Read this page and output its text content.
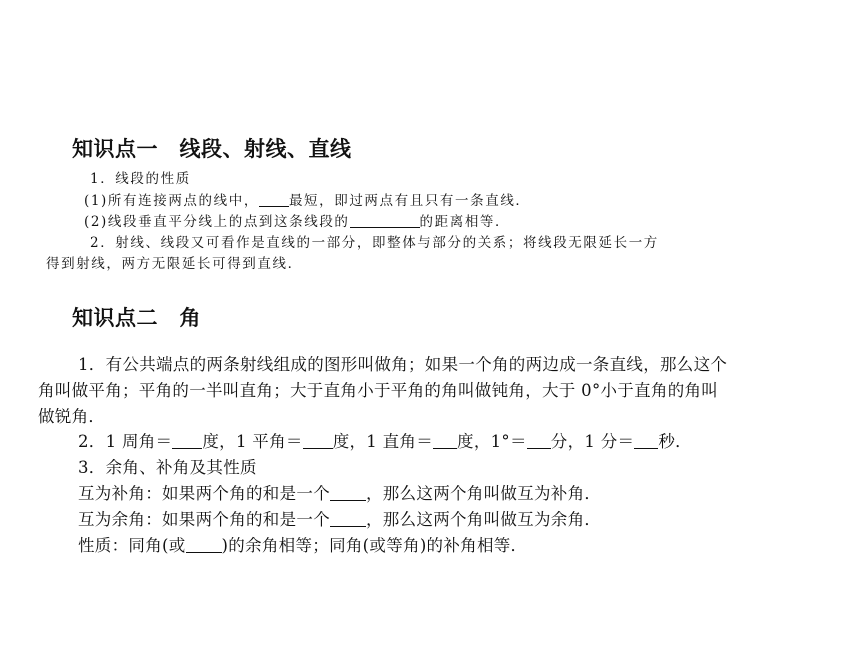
知识点一　线段、射线、直线
1．线段的性质
(1)所有连接两点的线中， 最短，即过两点有且只有一条直线．
(2)线段垂直平分线上的点到这条线段的	的距离相等．
2．射线、线段又可看作是直线的一部分，即整体与部分的关系；将线段无限延长一方
得到射线，两方无限延长可得到直线．
知识点二　角
1．有公共端点的两条射线组成的图形叫做角；如果一个角的两边成一条直线，那么这个
角叫做平角；平角的一半叫直角；大于直角小于平角的角叫做钝角，大于 0°小于直角的角叫
做锐角．
2．1 周角＝ 度，1 平角＝ 度，1 直角＝ 度，1°＝ 分，1 分＝ 秒．
3．余角、补角及其性质
互为补角：如果两个角的和是一个 ，那么这两个角叫做互为补角．
互为余角：如果两个角的和是一个 ，那么这两个角叫做互为余角．
性质：同角(或 )的余角相等；同角(或等角)的补角相等．
